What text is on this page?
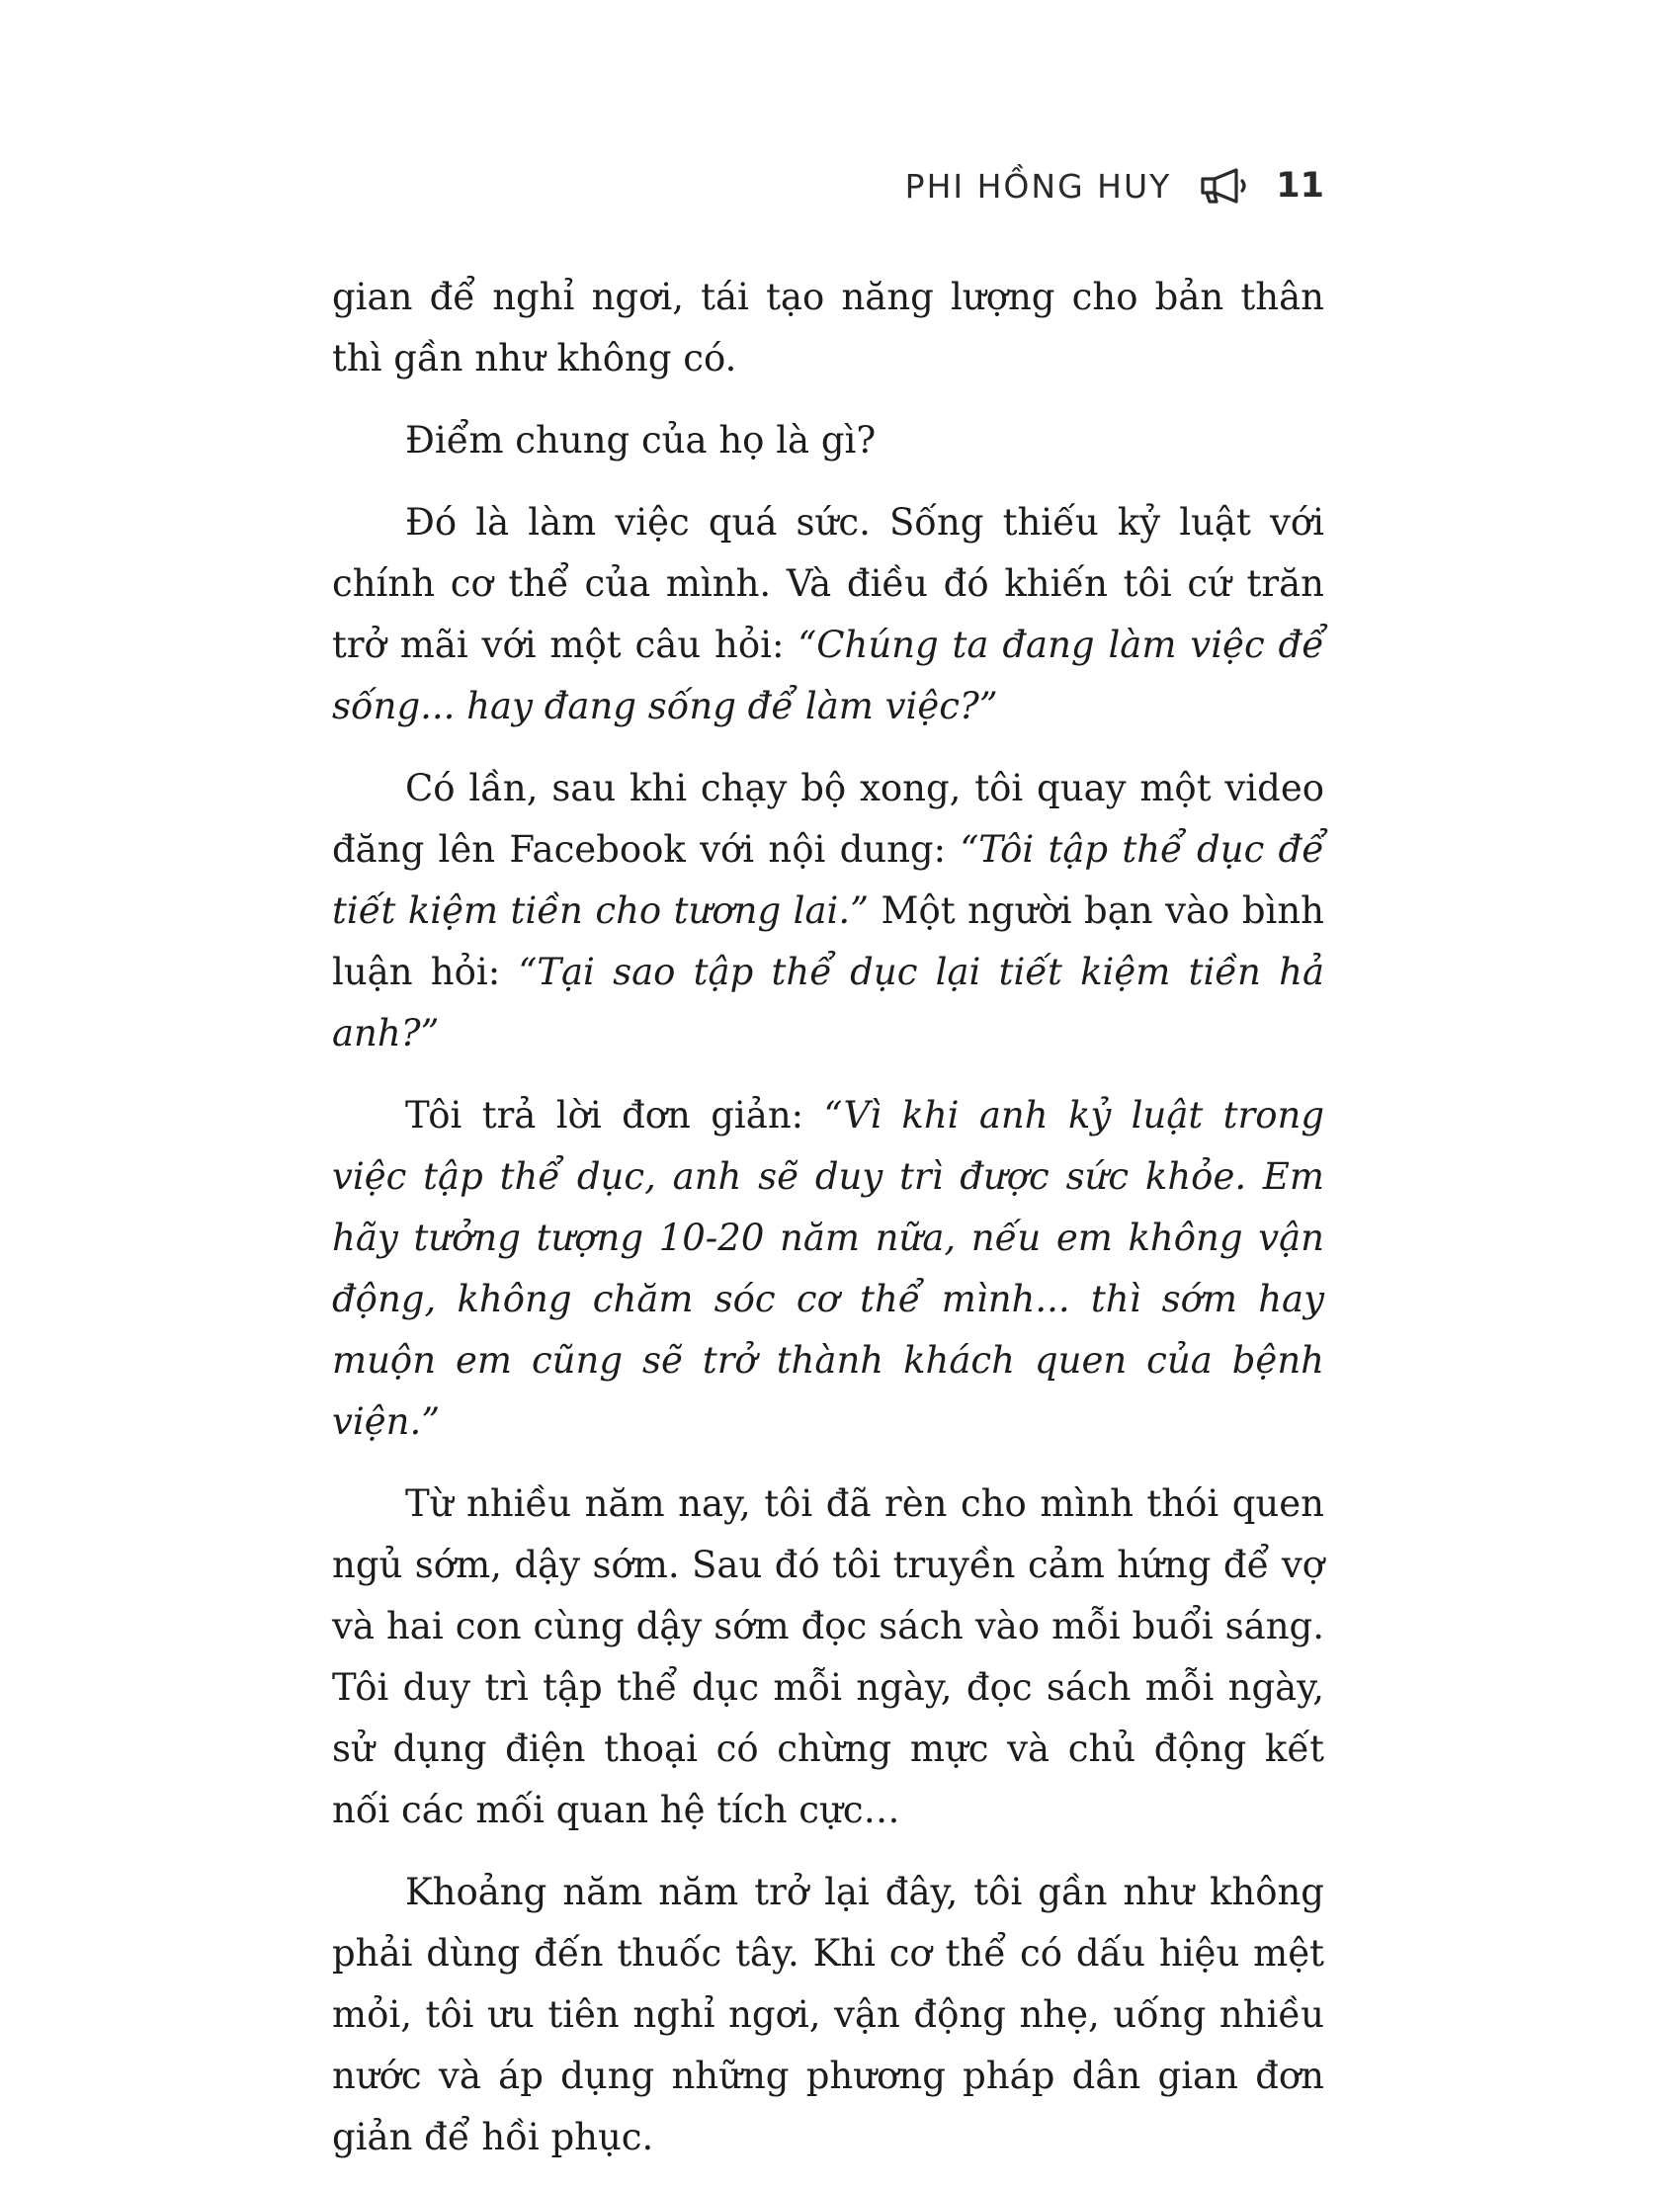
PHI HỒNG HUY	11

gian để nghỉ ngơi, tái tạo năng lượng cho bản thân thì gần như không có.

Điểm chung của họ là gì?

Đó là làm việc quá sức. Sống thiếu kỷ luật với chính cơ thể của mình. Và điều đó khiến tôi cứ trăn trở mãi với một câu hỏi: “Chúng ta đang làm việc để sống... hay đang sống để làm việc?”

Có lần, sau khi chạy bộ xong, tôi quay một video đăng lên Facebook với nội dung: “Tôi tập thể dục để tiết kiệm tiền cho tương lai.” Một người bạn vào bình luận hỏi: “Tại sao tập thể dục lại tiết kiệm tiền hả anh?”

Tôi trả lời đơn giản: “Vì khi anh kỷ luật trong việc tập thể dục, anh sẽ duy trì được sức khỏe. Em hãy tưởng tượng 10-20 năm nữa, nếu em không vận động, không chăm sóc cơ thể mình... thì sớm hay muộn em cũng sẽ trở thành khách quen của bệnh viện.”

Từ nhiều năm nay, tôi đã rèn cho mình thói quen ngủ sớm, dậy sớm. Sau đó tôi truyền cảm hứng để vợ và hai con cùng dậy sớm đọc sách vào mỗi buổi sáng. Tôi duy trì tập thể dục mỗi ngày, đọc sách mỗi ngày, sử dụng điện thoại có chừng mực và chủ động kết nối các mối quan hệ tích cực…

Khoảng năm năm trở lại đây, tôi gần như không phải dùng đến thuốc tây. Khi cơ thể có dấu hiệu mệt mỏi, tôi ưu tiên nghỉ ngơi, vận động nhẹ, uống nhiều nước và áp dụng những phương pháp dân gian đơn giản để hồi phục.
